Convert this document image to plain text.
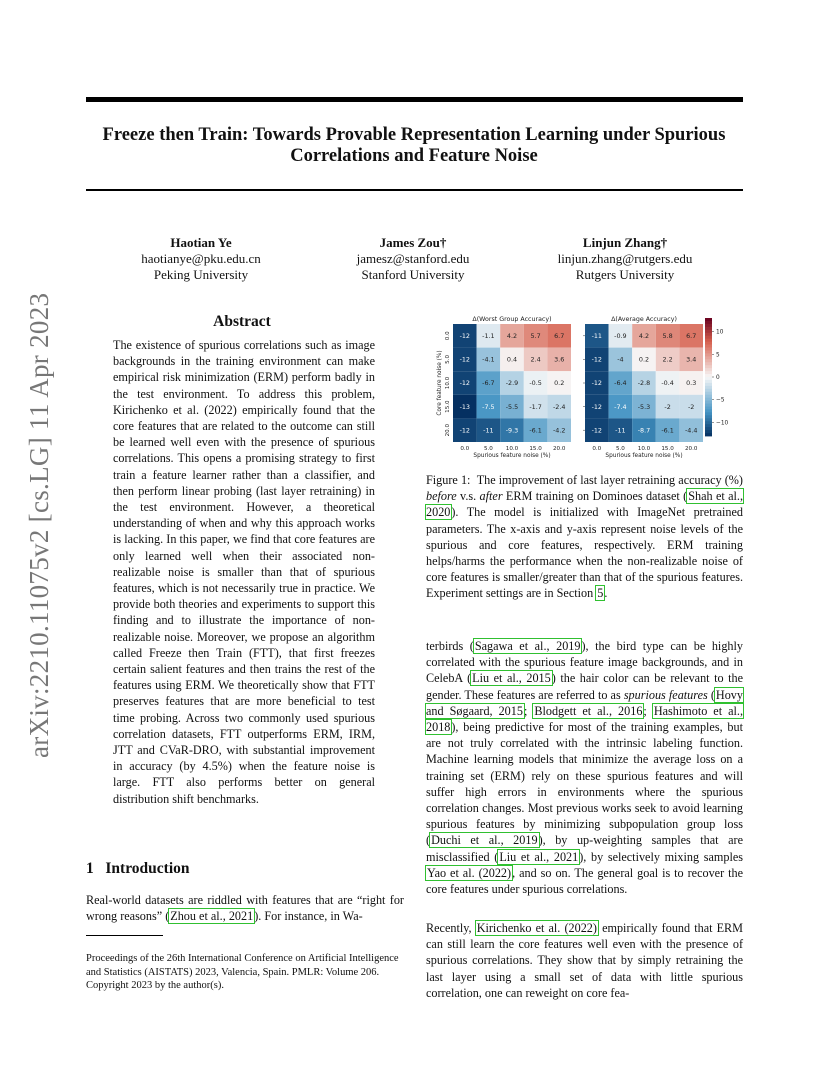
Freeze then Train: Towards Provable Representation Learning under Spurious Correlations and Feature Noise
arXiv:2210.11075v2 [cs.LG] 11 Apr 2023
Haotian Ye
haotianye@pku.edu.cn
Peking University
James Zou†
jamesz@stanford.edu
Stanford University
Linjun Zhang†
linjun.zhang@rutgers.edu
Rutgers University
Abstract
The existence of spurious correlations such as image backgrounds in the training environment can make empirical risk minimization (ERM) perform badly in the test environment. To address this problem, Kirichenko et al. (2022) empirically found that the core features that are related to the outcome can still be learned well even with the presence of spurious correlations. This opens a promising strategy to first train a feature learner rather than a classifier, and then perform linear probing (last layer retraining) in the test environment. However, a theoretical understanding of when and why this approach works is lacking. In this paper, we find that core features are only learned well when their associated non-realizable noise is smaller than that of spurious features, which is not necessarily true in practice. We provide both theories and experiments to support this finding and to illustrate the importance of non-realizable noise. Moreover, we propose an algorithm called Freeze then Train (FTT), that first freezes certain salient features and then trains the rest of the features using ERM. We theoretically show that FTT preserves features that are more beneficial to test time probing. Across two commonly used spurious correlation datasets, FTT outperforms ERM, IRM, JTT and CVaR-DRO, with substantial improvement in accuracy (by 4.5%) when the feature noise is large. FTT also performs better on general distribution shift benchmarks.
1   Introduction
Real-world datasets are riddled with features that are “right for wrong reasons” (Zhou et al., 2021). For instance, in Wa-
Proceedings of the 26th International Conference on Artificial Intelligence and Statistics (AISTATS) 2023, Valencia, Spain. PMLR: Volume 206. Copyright 2023 by the author(s).
Δ(Worst Group Accuracy)
-12 -1.1 4.2 5.7 6.7
-12 -4.1 0.4 2.4 3.6
-12 -6.7 -2.9 -0.5 0.2
-13 -7.5 -5.5 -1.7 -2.4
-12 -11 -9.3 -6.1 -4.2
0.0	5.0 10.0 15.0 20.0
Spurious feature noise (%)
0.0
5.0
10.0
15.0
20.0
Core feature noise (%)
Δ(Average Accuracy)
-11 -0.9 4.2 5.8 6.7
-12 -4 0.2 2.2 3.4
-12 -6.4 -2.8 -0.4 0.3
-12 -7.4 -5.3 -2	-2
-12 -11 -8.7 -6.1 -4.4
0.0	5.0 10.0 15.0 20.0
Spurious feature noise (%)
10
5
0
−5
−10
Figure 1:  The improvement of last layer retraining accuracy (%) before v.s. after ERM training on Dominoes dataset (Shah et al., 2020). The model is initialized with ImageNet pretrained parameters. The x-axis and y-axis represent noise levels of the spurious and core features, respectively. ERM training helps/harms the performance when the non-realizable noise of core features is smaller/greater than that of the spurious features. Experiment settings are in Section 5.
terbirds (Sagawa et al., 2019), the bird type can be highly correlated with the spurious feature image backgrounds, and in CelebA (Liu et al., 2015) the hair color can be relevant to the gender. These features are referred to as spurious features (Hovy and Søgaard, 2015; Blodgett et al., 2016; Hashimoto et al., 2018), being predictive for most of the training examples, but are not truly correlated with the intrinsic labeling function. Machine learning models that minimize the average loss on a training set (ERM) rely on these spurious features and will suffer high errors in environments where the spurious correlation changes. Most previous works seek to avoid learning spurious features by minimizing subpopulation group loss (Duchi et al., 2019), by up-weighting samples that are misclassified (Liu et al., 2021), by selectively mixing samples Yao et al. (2022), and so on. The general goal is to recover the core features under spurious correlations.
Recently, Kirichenko et al. (2022) empirically found that ERM can still learn the core features well even with the presence of spurious correlations. They show that by simply retraining the last layer using a small set of data with little spurious correlation, one can reweight on core fea-
